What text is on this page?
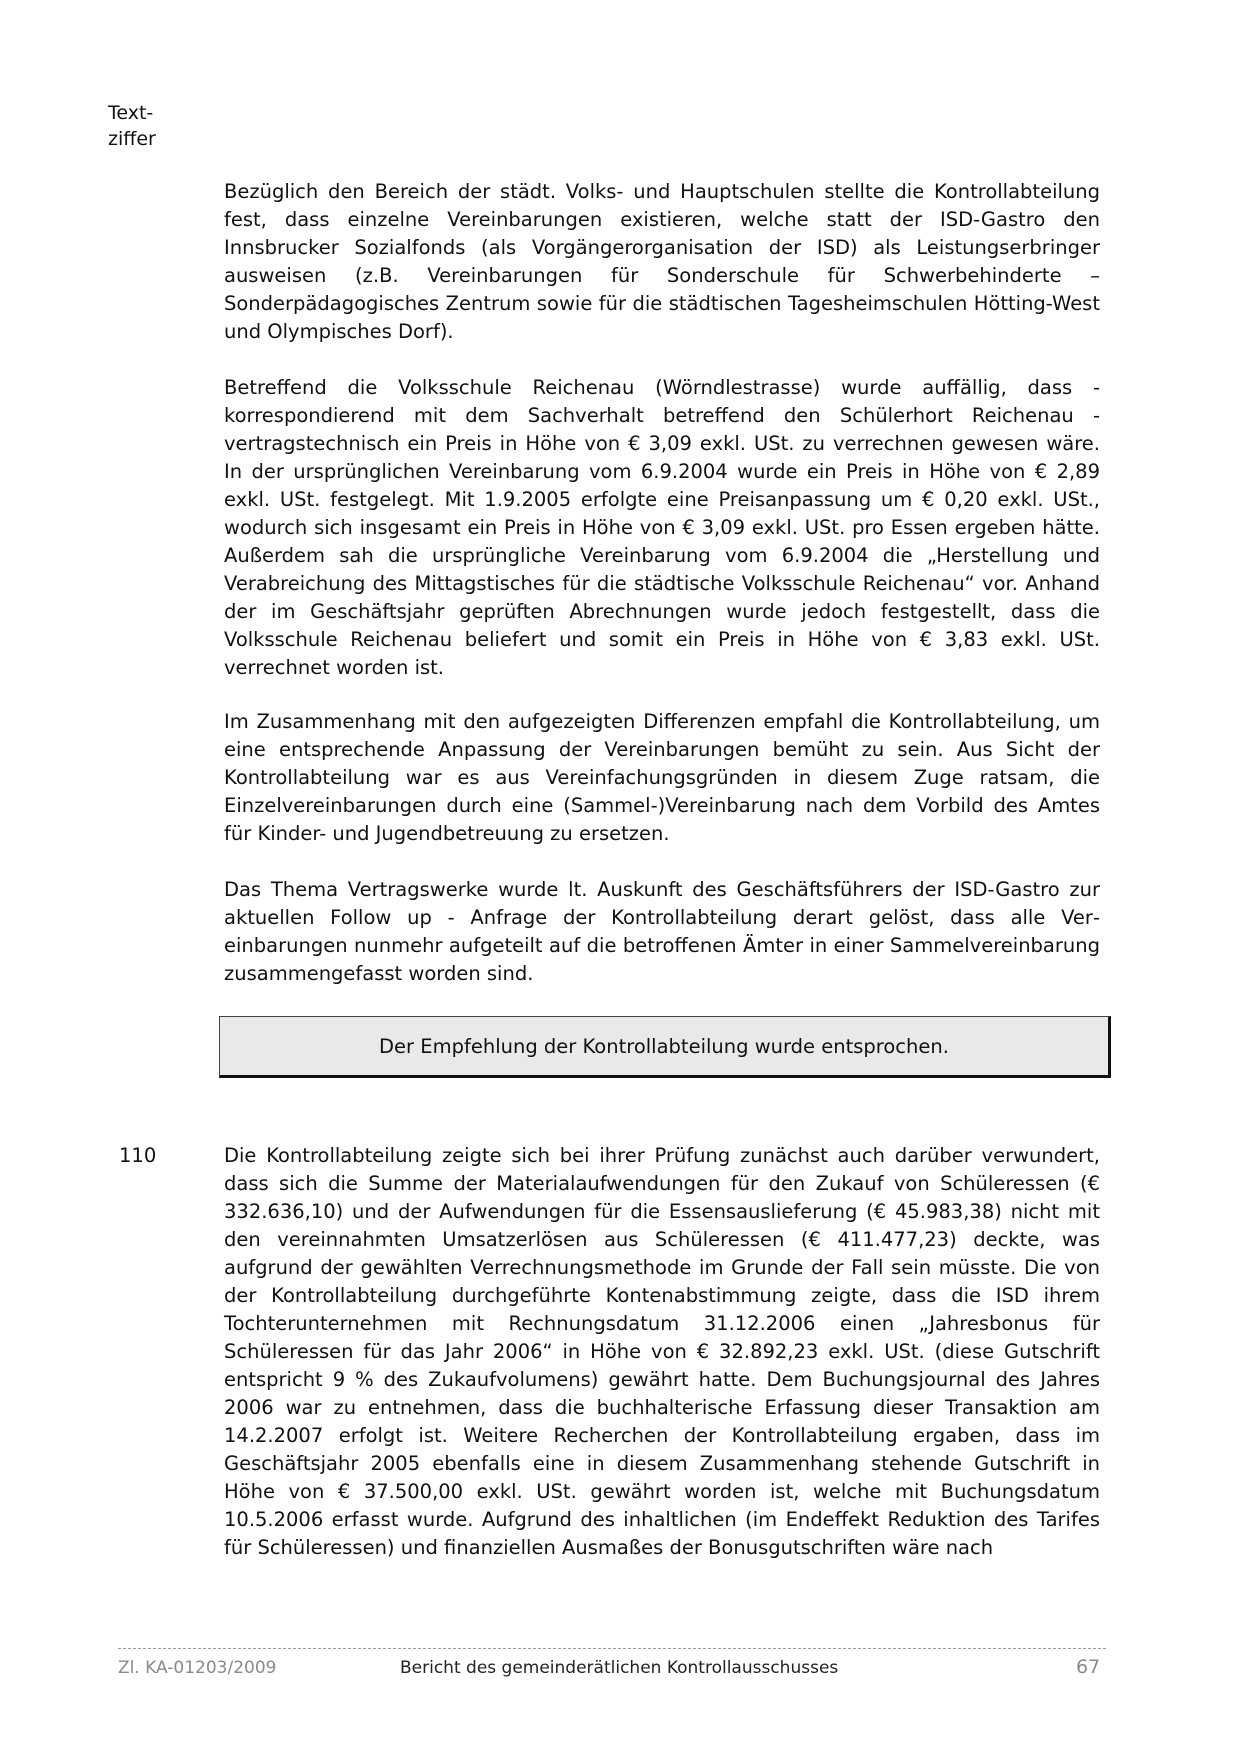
Text-
ziffer

Bezüglich den Bereich der städt. Volks- und Hauptschulen stellte die Kontrollabteilung fest, dass einzelne Vereinbarungen existieren, welche statt der ISD-Gastro den Innsbrucker Sozialfonds (als Vorgängerorganisation der ISD) als Leistungserbringer ausweisen (z.B. Vereinbarungen für Sonderschule für Schwerbehinderte – Sonderpädagogisches Zentrum sowie für die städtischen Tagesheimschulen Hötting-West und Olympisches Dorf).

Betreffend die Volksschule Reichenau (Wörndlestrasse) wurde auffällig, dass - korrespondierend mit dem Sachverhalt betreffend den Schülerhort Reichenau - vertragstechnisch ein Preis in Höhe von € 3,09 exkl. USt. zu verrechnen gewesen wäre. In der ursprünglichen Vereinbarung vom 6.9.2004 wurde ein Preis in Höhe von € 2,89 exkl. USt. festgelegt. Mit 1.9.2005 erfolgte eine Preisanpassung um € 0,20 exkl. USt., wodurch sich insgesamt ein Preis in Höhe von € 3,09 exkl. USt. pro Essen ergeben hätte. Außerdem sah die ursprüngliche Vereinbarung vom 6.9.2004 die „Herstellung und Verabreichung des Mittagstisches für die städtische Volksschule Reichenau“ vor. Anhand der im Geschäftsjahr geprüften Abrechnungen wurde jedoch festgestellt, dass die Volksschule Reichenau beliefert und somit ein Preis in Höhe von € 3,83 exkl. USt. verrechnet worden ist.

Im Zusammenhang mit den aufgezeigten Differenzen empfahl die Kontrollabteilung, um eine entsprechende Anpassung der Vereinbarungen bemüht zu sein. Aus Sicht der Kontrollabteilung war es aus Vereinfachungsgründen in diesem Zuge ratsam, die Einzelvereinbarungen durch eine (Sammel-)Vereinbarung nach dem Vorbild des Amtes für Kinder- und Jugendbetreuung zu ersetzen.

Das Thema Vertragswerke wurde lt. Auskunft des Geschäftsführers der ISD-Gastro zur aktuellen Follow up - Anfrage der Kontrollabteilung derart gelöst, dass alle Vereinbarungen nunmehr aufgeteilt auf die betroffenen Ämter in einer Sammelvereinbarung zusammengefasst worden sind.

Der Empfehlung der Kontrollabteilung wurde entsprochen.
110	Die Kontrollabteilung zeigte sich bei ihrer Prüfung zunächst auch darüber verwundert, dass sich die Summe der Materialaufwendungen für den Zukauf von Schüleressen (€ 332.636,10) und der Aufwendungen für die Essensauslieferung (€ 45.983,38) nicht mit den vereinnahmten Umsatzerlösen aus Schüleressen (€ 411.477,23) deckte, was aufgrund der gewählten Verrechnungsmethode im Grunde der Fall sein müsste. Die von der Kontrollabteilung durchgeführte Kontenabstimmung zeigte, dass die ISD ihrem Tochterunternehmen mit Rechnungsdatum 31.12.2006 einen „Jahresbonus für Schüleressen für das Jahr 2006“ in Höhe von € 32.892,23 exkl. USt. (diese Gutschrift entspricht 9 % des Zukaufvolumens) gewährt hatte. Dem Buchungsjournal des Jahres 2006 war zu entnehmen, dass die buchhalterische Erfassung dieser Transaktion am 14.2.2007 erfolgt ist. Weitere Recherchen der Kontrollabteilung ergaben, dass im Geschäftsjahr 2005 ebenfalls eine in diesem Zusammenhang stehende Gutschrift in Höhe von € 37.500,00 exkl. USt. gewährt worden ist, welche mit Buchungsdatum 10.5.2006 erfasst wurde. Aufgrund des inhaltlichen (im Endeffekt Reduktion des Tarifes für Schüleressen) und finanziellen Ausmaßes der Bonusgutschriften wäre nach

Zl. KA-01203/2009	Bericht des gemeinderätlichen Kontrollausschusses	67
